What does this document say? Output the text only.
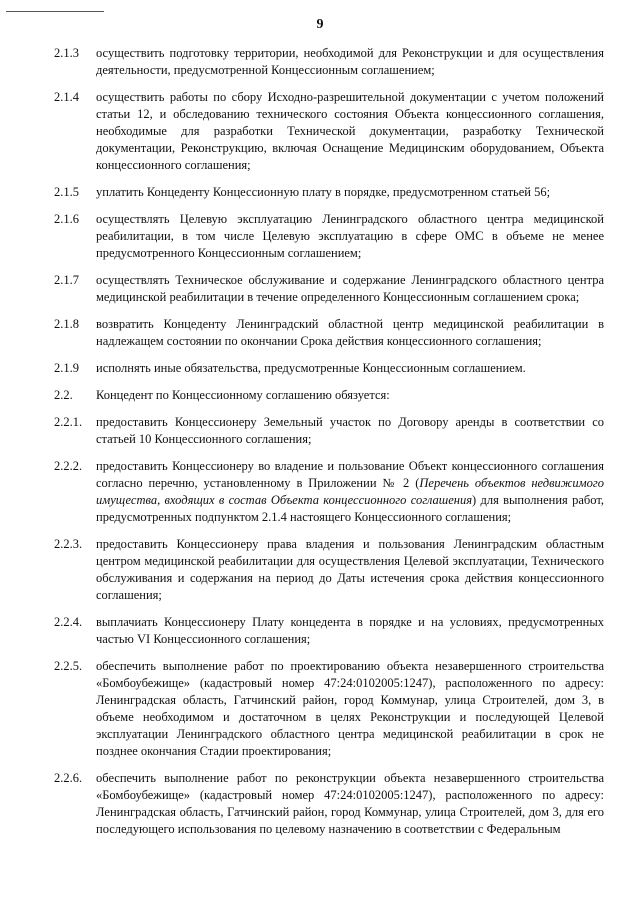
9
2.1.3	осуществить подготовку территории, необходимой для Реконструкции и для осуществления деятельности, предусмотренной Концессионным соглашением;
2.1.4	осуществить работы по сбору Исходно-разрешительной документации с учетом положений статьи 12, и обследованию технического состояния Объекта концессионного соглашения, необходимые для разработки Технической документации, разработку Технической документации, Реконструкцию, включая Оснащение Медицинским оборудованием, Объекта концессионного соглашения;
2.1.5	уплатить Концеденту Концессионную плату в порядке, предусмотренном статьей 56;
2.1.6	осуществлять Целевую эксплуатацию Ленинградского областного центра медицинской реабилитации, в том числе Целевую эксплуатацию в сфере ОМС в объеме не менее предусмотренного Концессионным соглашением;
2.1.7	осуществлять Техническое обслуживание и содержание Ленинградского областного центра медицинской реабилитации в течение определенного Концессионным соглашением срока;
2.1.8	возвратить Концеденту Ленинградский областной центр медицинской реабилитации в надлежащем состоянии по окончании Срока действия концессионного соглашения;
2.1.9	исполнять иные обязательства, предусмотренные Концессионным соглашением.
2.2.	Концедент по Концессионному соглашению обязуется:
2.2.1.	предоставить Концессионеру Земельный участок по Договору аренды в соответствии со статьей 10 Концессионного соглашения;
2.2.2.	предоставить Концессионеру во владение и пользование Объект концессионного соглашения согласно перечню, установленному в Приложении № 2 (Перечень объектов недвижимого имущества, входящих в состав Объекта концессионного соглашения) для выполнения работ, предусмотренных подпунктом 2.1.4 настоящего Концессионного соглашения;
2.2.3.	предоставить Концессионеру права владения и пользования Ленинградским областным центром медицинской реабилитации для осуществления Целевой эксплуатации, Технического обслуживания и содержания на период до Даты истечения срока действия концессионного соглашения;
2.2.4.	выплачиать Концессионеру Плату концедента в порядке и на условиях, предусмотренных частью VI Концессионного соглашения;
2.2.5.	обеспечить выполнение работ по проектированию объекта незавершенного строительства «Бомбоубежище» (кадастровый номер 47:24:0102005:1247), расположенного по адресу: Ленинградская область, Гатчинский район, город Коммунар, улица Строителей, дом 3, в объеме необходимом и достаточном в целях Реконструкции и последующей Целевой эксплуатации Ленинградского областного центра медицинской реабилитации в срок не позднее окончания Стадии проектирования;
2.2.6.	обеспечить выполнение работ по реконструкции объекта незавершенного строительства «Бомбоубежище» (кадастровый номер 47:24:0102005:1247), расположенного по адресу: Ленинградская область, Гатчинский район, город Коммунар, улица Строителей, дом 3, для его последующего использования по целевому назначению в соответствии с Федеральным
